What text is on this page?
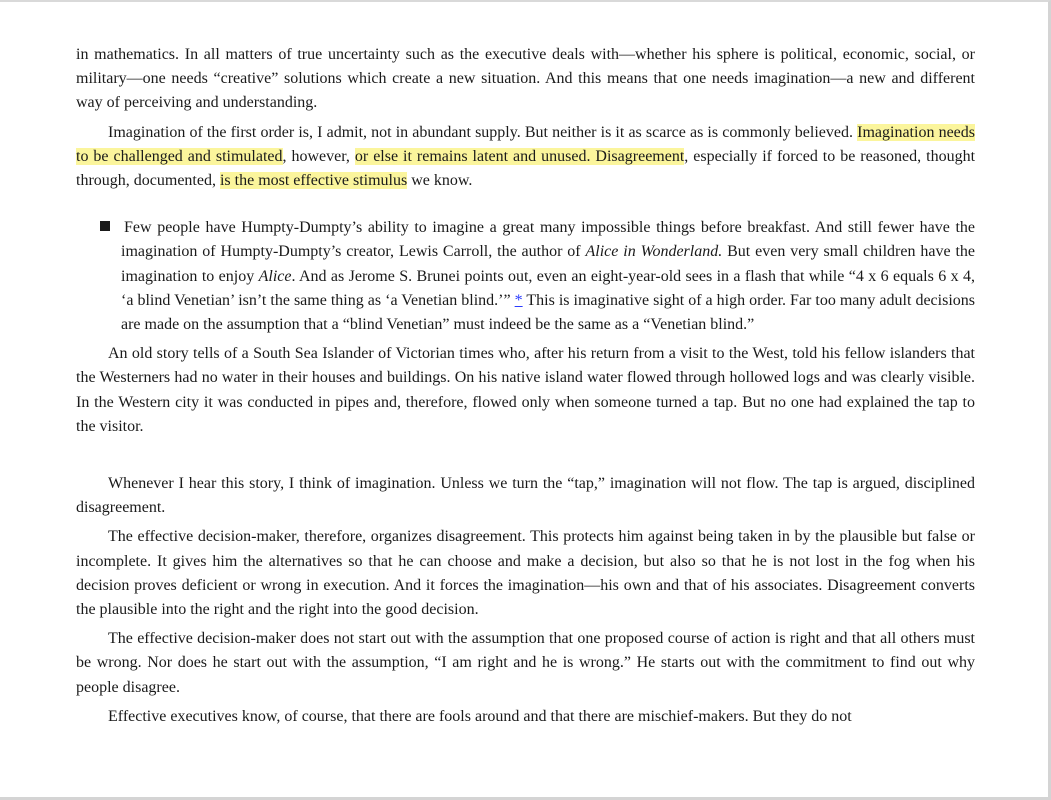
in mathematics. In all matters of true uncertainty such as the executive deals with—whether his sphere is political, economic, social, or military—one needs “creative” solutions which create a new situation. And this means that one needs imagination—a new and different way of perceiving and understanding.

Imagination of the first order is, I admit, not in abundant supply. But neither is it as scarce as is commonly believed. Imagination needs to be challenged and stimulated, however, or else it remains latent and unused. Disagreement, especially if forced to be reasoned, thought through, documented, is the most effective stimulus we know.

Few people have Humpty-Dumpty’s ability to imagine a great many impossible things before breakfast. And still fewer have the imagination of Humpty-Dumpty’s creator, Lewis Carroll, the author of Alice in Wonderland. But even very small children have the imagination to enjoy Alice. And as Jerome S. Brunei points out, even an eight-year-old sees in a flash that while “4 x 6 equals 6 x 4, ‘a blind Venetian’ isn’t the same thing as ‘a Venetian blind.’” * This is imaginative sight of a high order. Far too many adult decisions are made on the assumption that a “blind Venetian” must indeed be the same as a “Venetian blind.”

An old story tells of a South Sea Islander of Victorian times who, after his return from a visit to the West, told his fellow islanders that the Westerners had no water in their houses and buildings. On his native island water flowed through hollowed logs and was clearly visible. In the Western city it was conducted in pipes and, therefore, flowed only when someone turned a tap. But no one had explained the tap to the visitor.

Whenever I hear this story, I think of imagination. Unless we turn the “tap,” imagination will not flow. The tap is argued, disciplined disagreement.

The effective decision-maker, therefore, organizes disagreement. This protects him against being taken in by the plausible but false or incomplete. It gives him the alternatives so that he can choose and make a decision, but also so that he is not lost in the fog when his decision proves deficient or wrong in execution. And it forces the imagination—his own and that of his associates. Disagreement converts the plausible into the right and the right into the good decision.

The effective decision-maker does not start out with the assumption that one proposed course of action is right and that all others must be wrong. Nor does he start out with the assumption, “I am right and he is wrong.” He starts out with the commitment to find out why people disagree.

Effective executives know, of course, that there are fools around and that there are mischief-makers. But they do not
